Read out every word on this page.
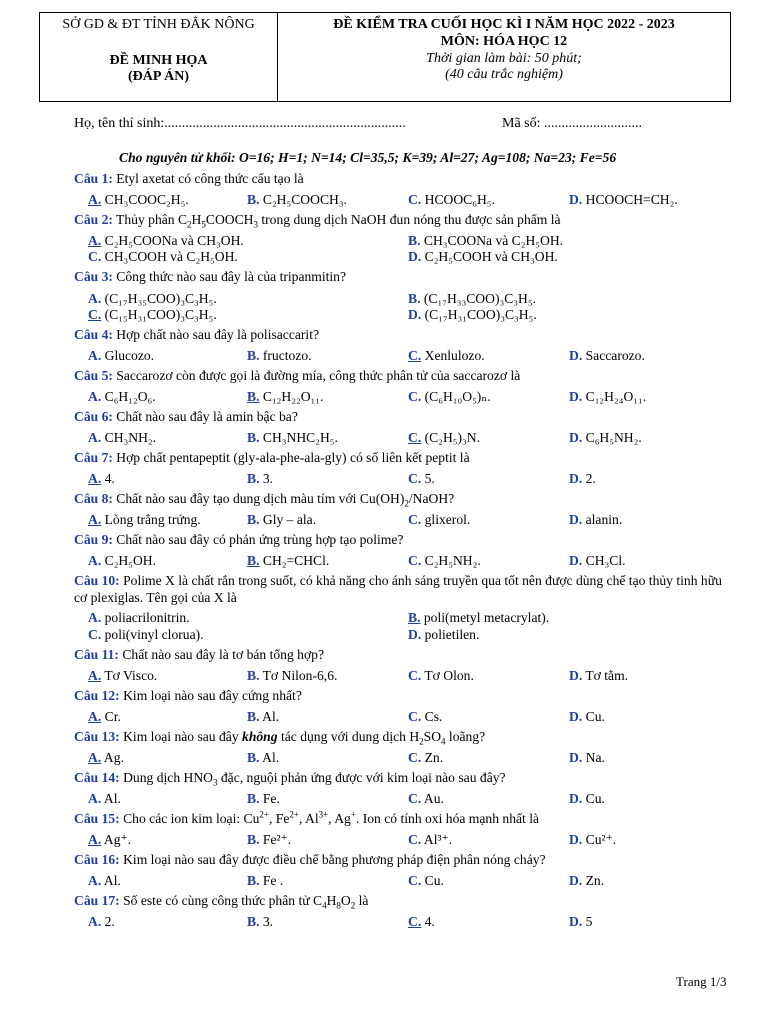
SỞ GD & ĐT TỈNH ĐẮK NÔNG
ĐỀ MINH HỌA
(ĐÁP ÁN)
ĐỀ KIỂM TRA CUỐI HỌC KÌ I NĂM HỌC 2022 - 2023
MÔN: HÓA HỌC 12
Thời gian làm bài: 50 phút;
(40 câu trắc nghiệm)
Họ, tên thí sinh:.....................................................................	Mã số: ............................
Cho nguyên tử khối: O=16; H=1; N=14; Cl=35,5; K=39; Al=27; Ag=108; Na=23; Fe=56
Câu 1: Etyl axetat có công thức cấu tạo là
A. CH₃COOC₂H₅.	B. C₂H₅COOCH₃.	C. HCOOC₆H₅.	D. HCOOCH=CH₂.
Câu 2: Thủy phân $C_2H_5COOCH_3$ trong dung dịch NaOH đun nóng thu được sản phẩm là
A. C₂H₅COONa và CH₃OH.	B. CH₃COONa và C₂H₅OH.
C. CH₃COOH và C₂H₅OH.	D. C₂H₅COOH và CH₃OH.
Câu 3: Công thức nào sau đây là của tripanmitin?
A. (C₁₇H₃₅COO)₃C₃H₅.	B. (C₁₇H₃₃COO)₃C₃H₅.
C. (C₁₅H₃₁COO)₃C₃H₅.	D. (C₁₇H₃₁COO)₃C₃H₅.
Câu 4: Hợp chất nào sau đây là polisaccarit?
A. Glucozo.	B. fructozo.	C. Xenlulozo.	D. Saccarozo.
Câu 5: Saccarozơ còn được gọi là đường mía, công thức phân tử của saccarozơ là
A. C₆H₁₂O₆.	B. C₁₂H₂₂O₁₁.	C. (C₆H₁₀O₅)ₙ.	D. C₁₂H₂₄O₁₁.
Câu 6: Chất nào sau đây là amin bậc ba?
A. CH₃NH₂.	B. CH₃NHC₂H₅.	C. (C₂H₅)₃N.	D. C₆H₅NH₂.
Câu 7: Hợp chất pentapeptit (gly-ala-phe-ala-gly) có số liên kết peptit là
A. 4.	B. 3.	C. 5.	D. 2.
Câu 8: Chất nào sau đây tạo dung dịch màu tím với $Cu(OH)_2$/NaOH?
A. Lòng trắng trứng.	B. Gly – ala.	C. glixerol.	D. alanin.
Câu 9: Chất nào sau đây có phản ứng trùng hợp tạo polime?
A. C₂H₅OH.	B. CH₂=CHCl.	C. C₂H₅NH₂.	D. CH₃Cl.
Câu 10: Polime X là chất rắn trong suốt, có khả năng cho ánh sáng truyền qua tốt nên được dùng chế tạo thủy tinh hữu cơ plexiglas. Tên gọi của X là
A. poliacrilonitrin.	B. poli(metyl metacrylat).
C. poli(vinyl clorua).	D. polietilen.
Câu 11: Chất nào sau đây là tơ bán tổng hợp?
A. Tơ Visco.	B. Tơ Nilon-6,6.	C. Tơ Olon.	D. Tơ tằm.
Câu 12: Kim loại nào sau đây cứng nhất?
A. Cr.	B. Al.	C. Cs.	D. Cu.
Câu 13: Kim loại nào sau đây không tác dụng với dung dịch $H_2SO_4$ loãng?
A. Ag.	B. Al.	C. Zn.	D. Na.
Câu 14: Dung dịch $HNO_3$ đặc, nguội phản ứng được với kim loại nào sau đây?
A. Al.	B. Fe.	C. Au.	D. Cu.
Câu 15: Cho các ion kim loại: $Cu^{2+}$, $Fe^{2+}$, $Al^{3+}$, Ag+. Ion có tính oxi hóa mạnh nhất là
A. Ag⁺.	B. Fe²⁺.	C. Al³⁺.	D. Cu²⁺.
Câu 16: Kim loại nào sau đây được điều chế bằng phương pháp điện phân nóng chảy?
A. Al.	B. Fe .	C. Cu.	D. Zn.
Câu 17: Số este có cùng công thức phân tử $C_4H_8O_2$ là
A. 2.	B. 3.	C. 4.	D. 5
Trang 1/3
